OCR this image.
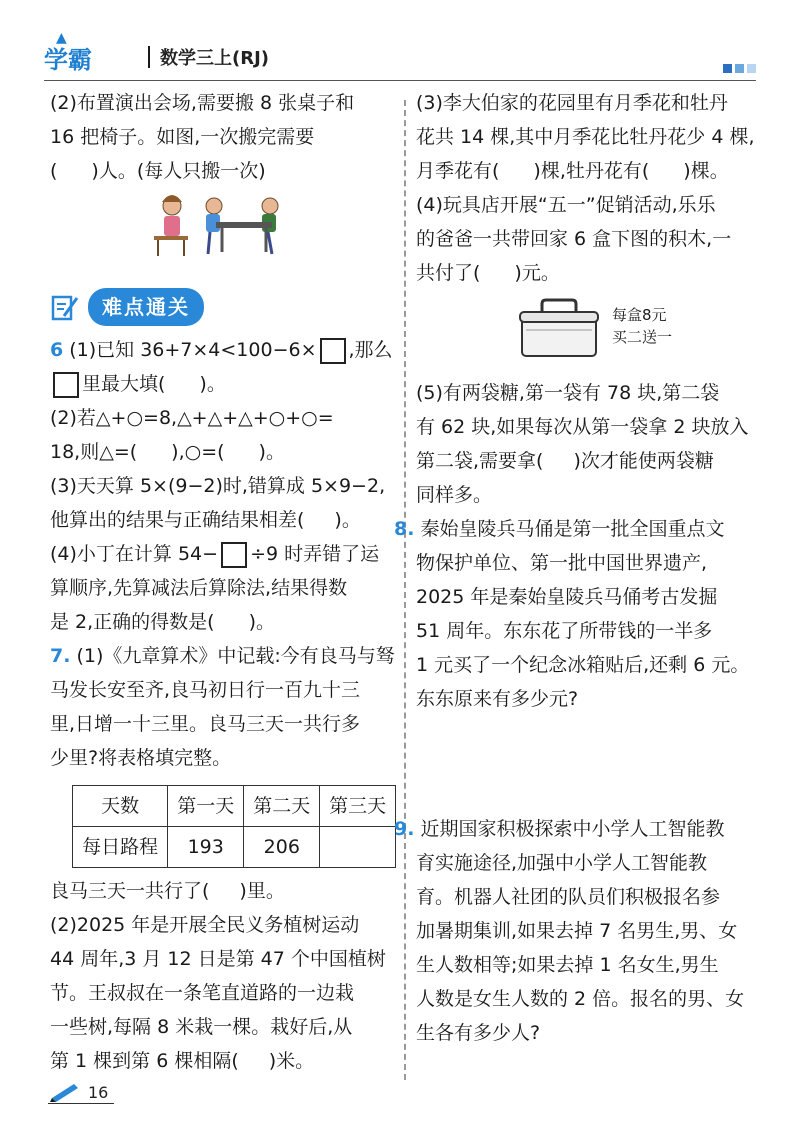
▲
学霸	数学三上(RJ)

(2)布置演出会场,需要搬 8 张桌子和

16 把椅子。如图,一次搬完需要

( )人。(每人只搬一次)

难点通关

6 (1)已知 36+7×4<100−6× ,那么

里最大填( )。

(2)若△+○=8,△+△+△+○+○=

18,则△=( ),○=( )。

(3)天天算 5×(9−2)时,错算成 5×9−2,

他算出的结果与正确结果相差( )。

(4)小丁在计算 54− ÷9 时弄错了运

算顺序,先算减法后算除法,结果得数

是 2,正确的得数是( )。

7. (1)《九章算术》中记载:今有良马与驽

马发长安至齐,良马初日行一百九十三

里,日增一十三里。良马三天一共行多

少里?将表格填完整。

天数	第一天	第二天	第三天
每日路程	193	206	

良马三天一共行了( )里。

(2)2025 年是开展全民义务植树运动

44 周年,3 月 12 日是第 47 个中国植树

节。王叔叔在一条笔直道路的一边栽

一些树,每隔 8 米栽一棵。栽好后,从

第 1 棵到第 6 棵相隔( )米。

(3)李大伯家的花园里有月季花和牡丹

花共 14 棵,其中月季花比牡丹花少 4 棵,

月季花有( )棵,牡丹花有( )棵。

(4)玩具店开展“五一”促销活动,乐乐

的爸爸一共带回家 6 盒下图的积木,一

共付了( )元。

每盒8元
买二送一

(5)有两袋糖,第一袋有 78 块,第二袋

有 62 块,如果每次从第一袋拿 2 块放入

第二袋,需要拿( )次才能使两袋糖

同样多。

8. 秦始皇陵兵马俑是第一批全国重点文

物保护单位、第一批中国世界遗产,

2025 年是秦始皇陵兵马俑考古发掘

51 周年。东东花了所带钱的一半多

1 元买了一个纪念冰箱贴后,还剩 6 元。

东东原来有多少元?

9. 近期国家积极探索中小学人工智能教

育实施途径,加强中小学人工智能教

育。机器人社团的队员们积极报名参

加暑期集训,如果去掉 7 名男生,男、女

生人数相等;如果去掉 1 名女生,男生

人数是女生人数的 2 倍。报名的男、女

生各有多少人?

16
